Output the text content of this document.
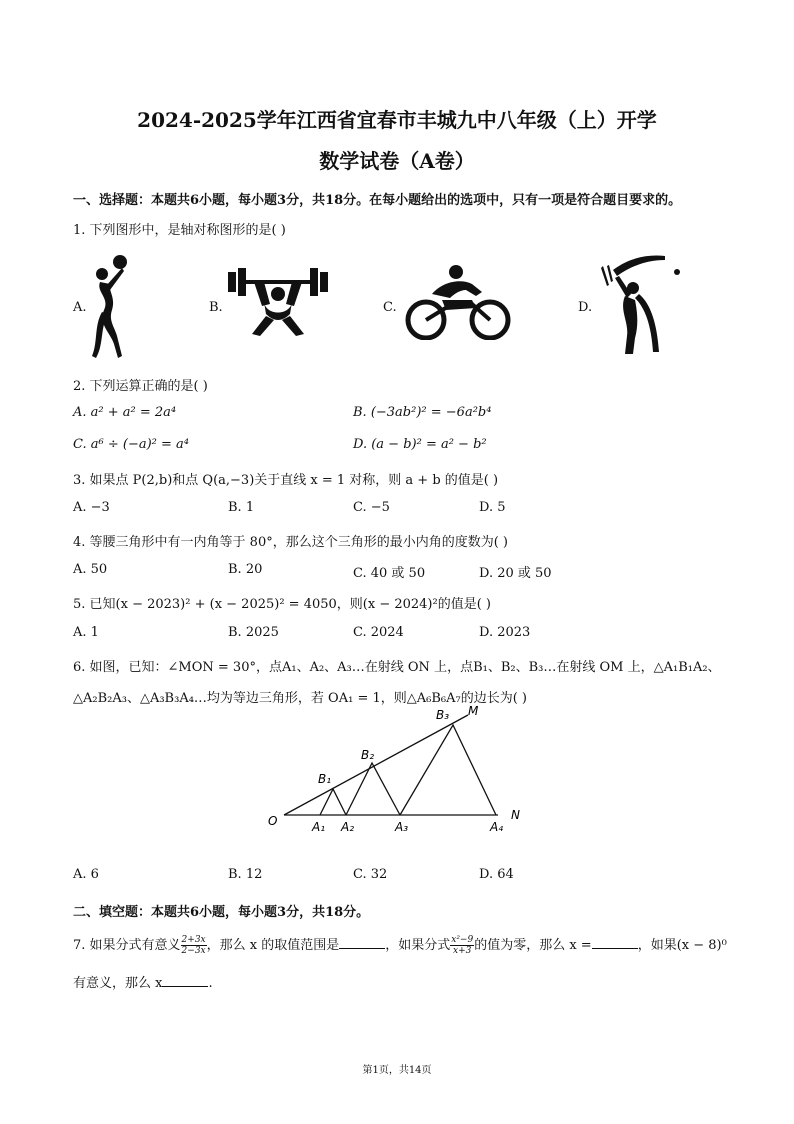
2024-2025学年江西省宜春市丰城九中八年级（上）开学
数学试卷（A卷）
一、选择题：本题共6小题，每小题3分，共18分。在每小题给出的选项中，只有一项是符合题目要求的。
1. 下列图形中，是轴对称图形的是( )
A.	B.	C.	D.
2. 下列运算正确的是( )
A. a² + a² = 2a⁴	B. (−3ab²)² = −6a²b⁴
C. a⁶ ÷ (−a)² = a⁴	D. (a − b)² = a² − b²
3. 如果点 P(2,b)和点 Q(a,−3)关于直线 x = 1 对称，则 a + b 的值是( )
A. −3	B. 1	C. −5	D. 5
4. 等腰三角形中有一内角等于 80°，那么这个三角形的最小内角的度数为( )
A. 50	B. 20	C. 40 或 50	D. 20 或 50
5. 已知(x − 2023)² + (x − 2025)² = 4050，则(x − 2024)²的值是( )
A. 1	B. 2025	C. 2024	D. 2023
6. 如图，已知：∠MON = 30°，点A₁、A₂、A₃…在射线 ON 上，点B₁、B₂、B₃…在射线 OM 上，△A₁B₁A₂、
△A₂B₂A₃、△A₃B₃A₄…均为等边三角形，若 OA₁ = 1，则△A₆B₆A₇的边长为( )
O	A₁ A₂	A₃	A₄
B₁
B₂
B₃ M
N
A. 6	B. 12	C. 32	D. 64
二、填空题：本题共6小题，每小题3分，共18分。
7. 如果分式有意义 $\frac{2+3x}{2-3x}$ ，那么 x 的取值范围是	，如果分式 $\frac{\text{x²−9}}{x+3}$ 的值为零，那么 x =	，如果(x − 8)⁰
有意义，那么 x	.
第1页，共14页
